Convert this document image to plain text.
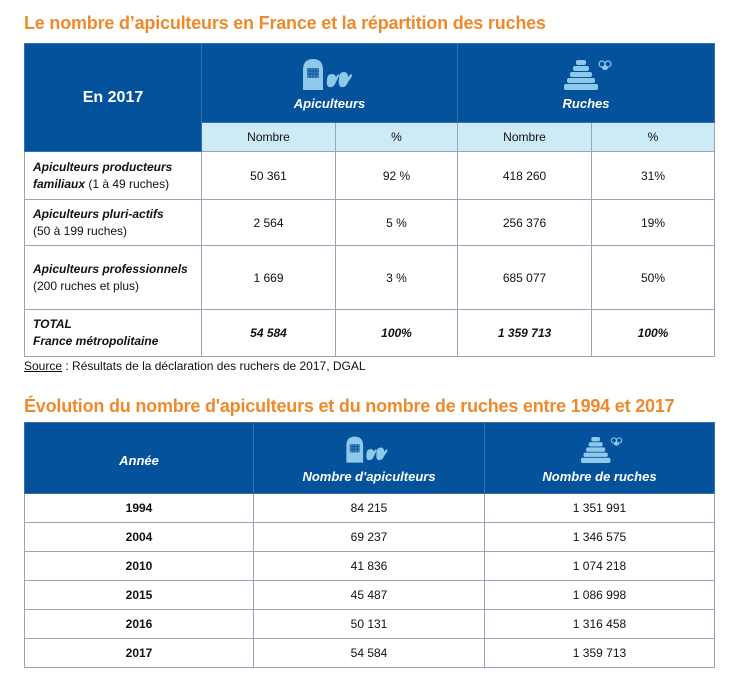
Le nombre d’apiculteurs en France et la répartition des ruches
En 2017	Apiculteurs		Ruches	

	Nombre	%	Nombre	%
Apiculteurs producteurs familiaux (1 à 49 ruches)	50 361	92 %	418 260	31%

Apiculteurs pluri-actifs
(50 à 199 ruches)	2 564	5 %	256 376	19%

Apiculteurs professionnels
(200 ruches et plus)	1 669	3 %	685 077	50%

TOTAL
France métropolitaine	54 584	100%	1 359 713	100%
Source : Résultats de la déclaration des ruchers de 2017, DGAL
Évolution du nombre d'apiculteurs et du nombre de ruches entre 1994 et 2017
Année	Nombre d'apiculteurs	Nombre de ruches

1994	84 215	1 351 991
2004	69 237	1 346 575
2010	41 836	1 074 218
2015	45 487	1 086 998
2016	50 131	1 316 458
2017	54 584	1 359 713
